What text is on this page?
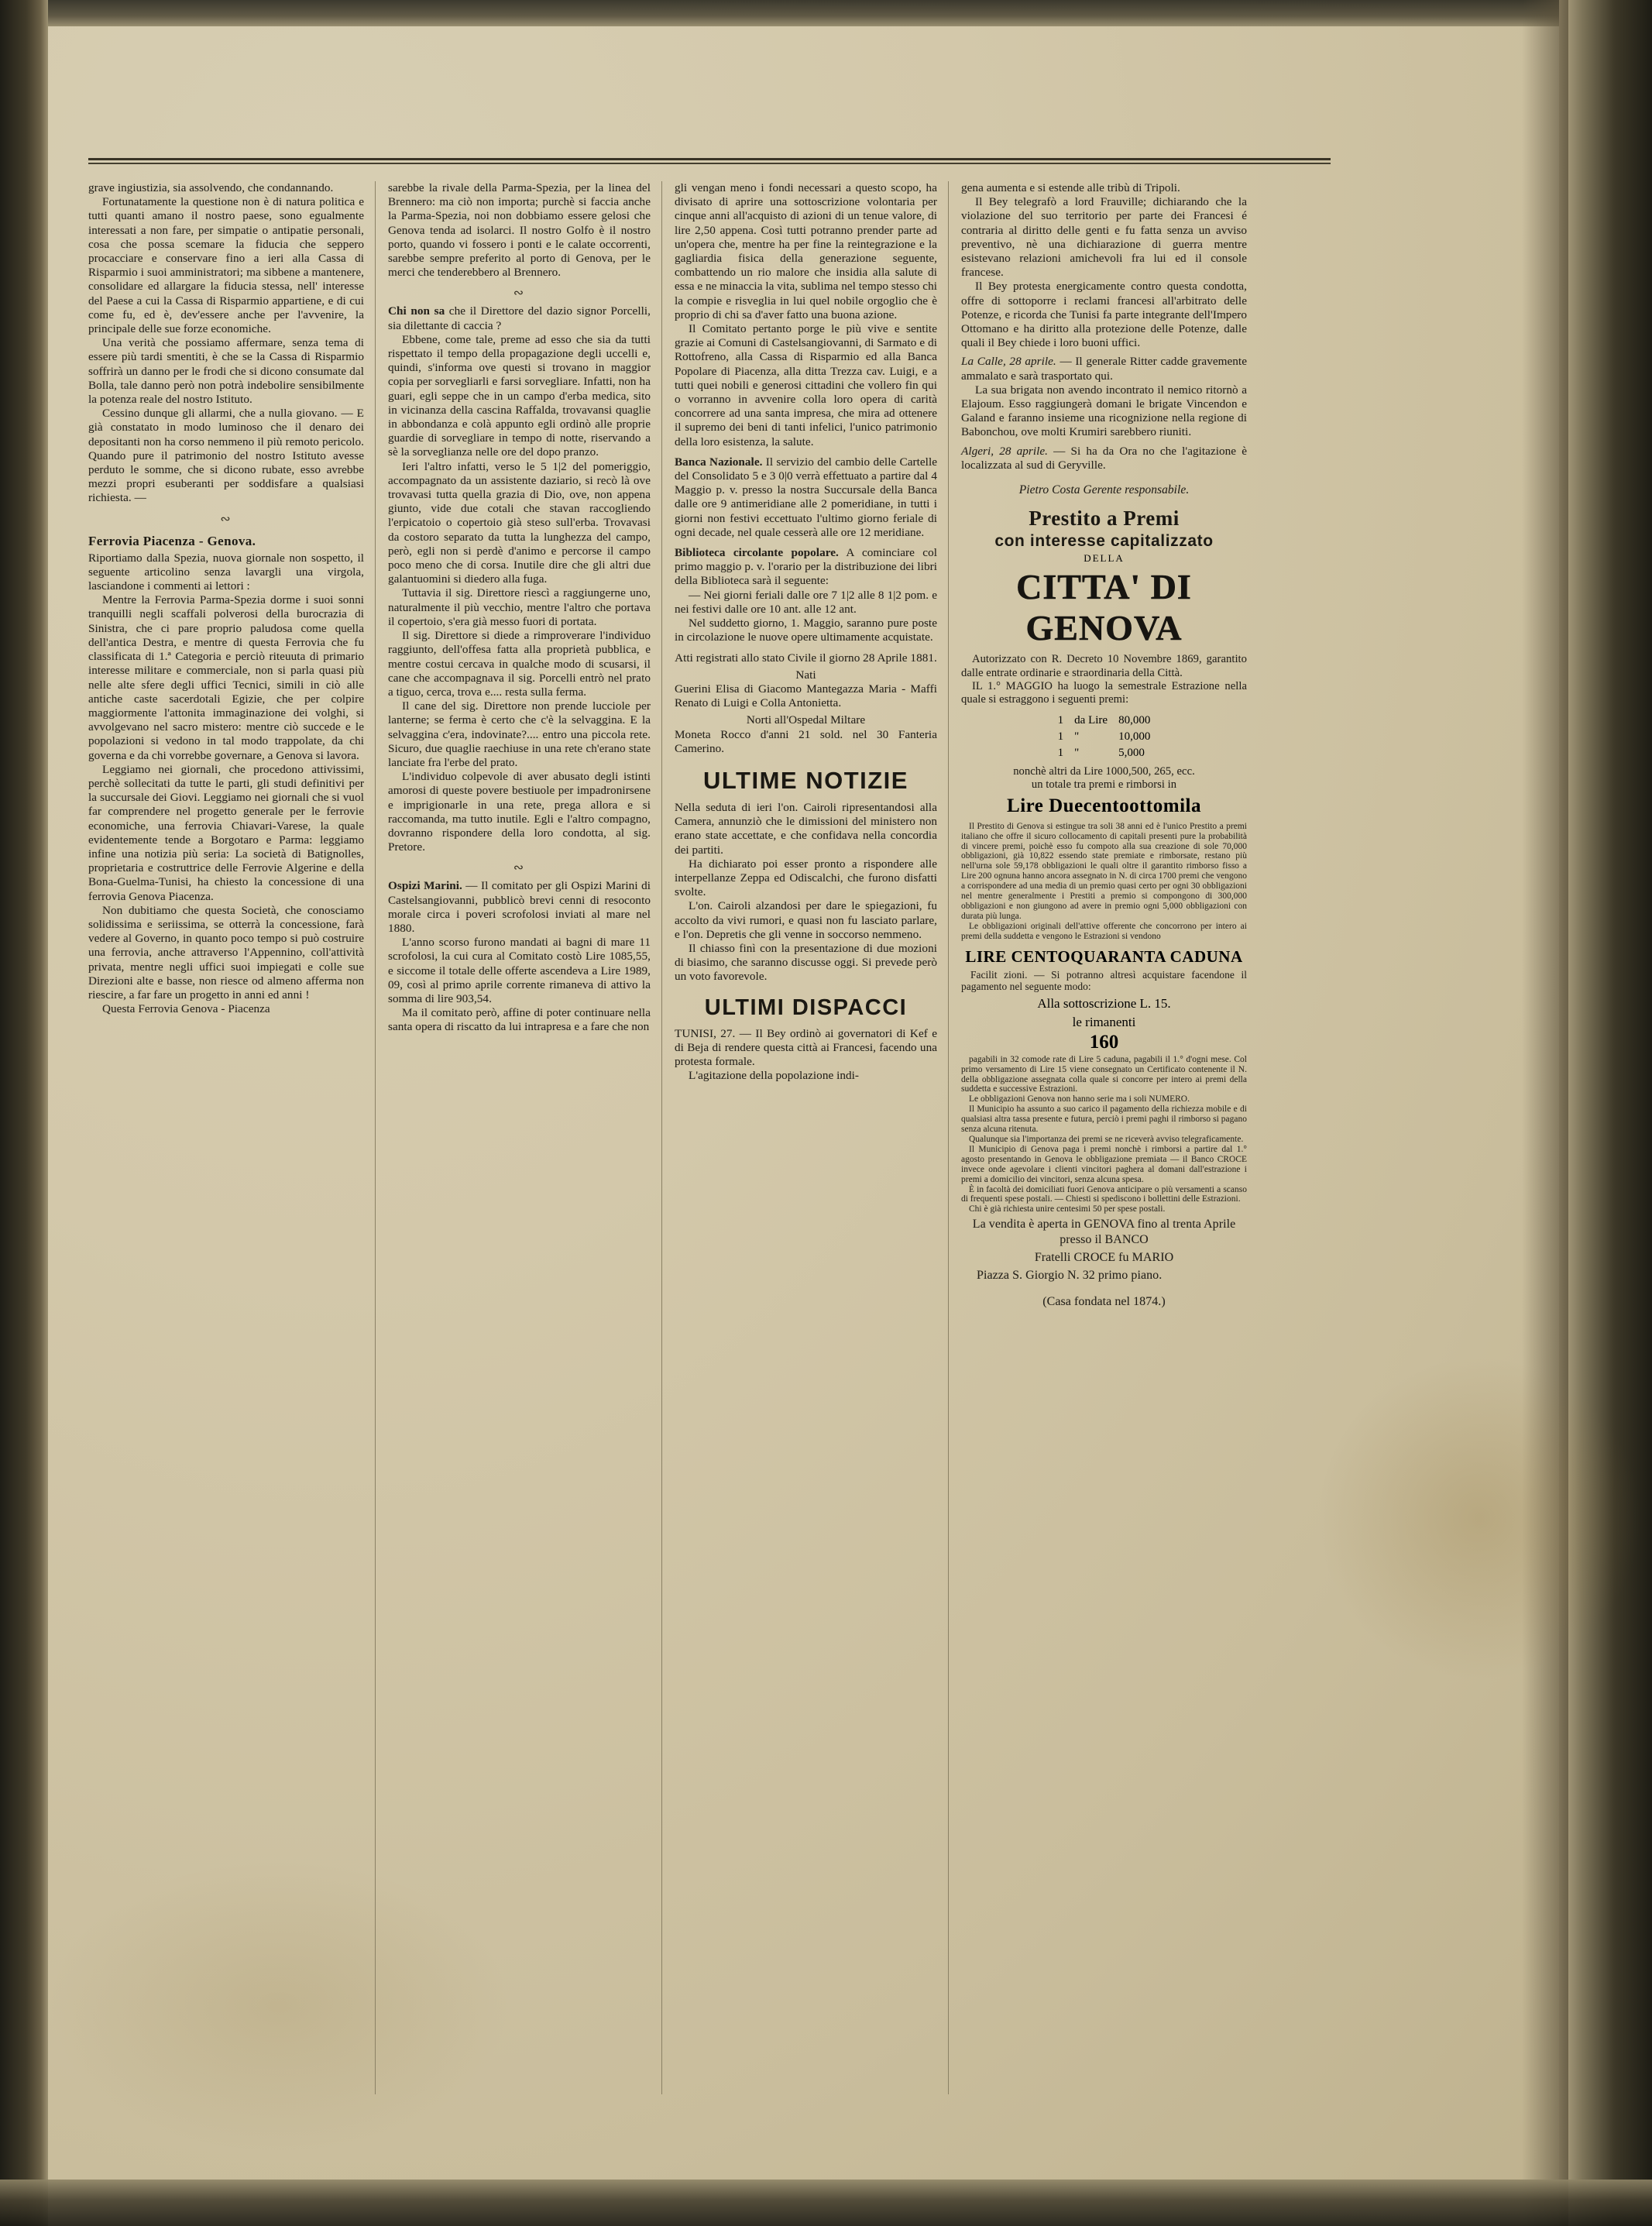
grave ingiustizia, sia assolvendo, che condannando.

Fortunatamente la questione non è di natura politica e tutti quanti amano il nostro paese, sono egualmente interessati a non fare, per simpatie o antipatie personali, cosa che possa scemare la fiducia che seppero procacciare e conservare fino a ieri alla Cassa di Risparmio i suoi amministratori; ma sibbene a mantenere, consolidare ed allargare la fiducia stessa, nell' interesse del Paese a cui la Cassa di Risparmio appartiene, e di cui come fu, ed è, dev'essere anche per l'avvenire, la principale delle sue forze economiche.

Una verità che possiamo affermare, senza tema di essere più tardi smentiti, è che se la Cassa di Risparmio soffrirà un danno per le frodi che si dicono consumate dal Bolla, tale danno però non potrà indebolire sensibilmente la potenza reale del nostro Istituto.

Cessino dunque gli allarmi, che a nulla giovano. — E già constatato in modo luminoso che il denaro dei depositanti non ha corso nemmeno il più remoto pericolo. Quando pure il patrimonio del nostro Istituto avesse perduto le somme, che si dicono rubate, esso avrebbe mezzi propri esuberanti per soddisfare a qualsiasi richiesta. —

∾
Ferrovia Piacenza - Genova.

Riportiamo dalla Spezia, nuova giornale non sospetto, il seguente articolino senza lavargli una virgola, lasciandone i commenti ai lettori :

Mentre la Ferrovia Parma-Spezia dorme i suoi sonni tranquilli negli scaffali polverosi della burocrazia di Sinistra, che ci pare proprio paludosa come quella dell'antica Destra, e mentre di questa Ferrovia che fu classificata di 1.ª Categoria e perciò riteuuta di primario interesse militare e commerciale, non si parla quasi più nelle alte sfere degli uffici Tecnici, simili in ciò alle antiche caste sacerdotali Egizie, che per colpire maggiormente l'attonita immaginazione dei volghi, si avvolgevano nel sacro mistero: mentre ciò succede e le popolazioni si vedono in tal modo trappolate, da chi governa e da chi vorrebbe governare, a Genova si lavora.

Leggiamo nei giornali, che procedono attivissimi, perchè sollecitati da tutte le parti, gli studi definitivi per la succursale dei Giovi. Leggiamo nei giornali che si vuol far comprendere nel progetto generale per le ferrovie economiche, una ferrovia Chiavari-Varese, la quale evidentemente tende a Borgotaro e Parma: leggiamo infine una notizia più seria: La società di Batignolles, proprietaria e costruttrice delle Ferrovie Algerine e della Bona-Guelma-Tunisi, ha chiesto la concessione di una ferrovia Genova Piacenza.

Non dubitiamo che questa Società, che conosciamo solidissima e seriissima, se otterrà la concessione, farà vedere al Governo, in quanto poco tempo si può costruire una ferrovia, anche attraverso l'Appennino, coll'attività privata, mentre negli uffici suoi impiegati e colle sue Direzioni alte e basse, non riesce od almeno afferma non riescire, a far fare un progetto in anni ed anni !

Questa Ferrovia Genova - Piacenza

sarebbe la rivale della Parma-Spezia, per la linea del Brennero: ma ciò non importa; purchè si faccia anche la Parma-Spezia, noi non dobbiamo essere gelosi che Genova tenda ad isolarci. Il nostro Golfo è il nostro porto, quando vi fossero i ponti e le calate occorrenti, sarebbe sempre preferito al porto di Genova, per le merci che tenderebbero al Brennero.

∾

Chi non sa che il Direttore del dazio signor Porcelli, sia dilettante di caccia ?

Ebbene, come tale, preme ad esso che sia da tutti rispettato il tempo della propagazione degli uccelli e, quindi, s'informa ove questi si trovano in maggior copia per sorvegliarli e farsi sorvegliare. Infatti, non ha guari, egli seppe che in un campo d'erba medica, sito in vicinanza della cascina Raffalda, trovavansi quaglie in abbondanza e colà appunto egli ordinò alle proprie guardie di sorvegliare in tempo di notte, riservando a sè la sorveglianza nelle ore del dopo pranzo.

Ieri l'altro infatti, verso le 5 1|2 del pomeriggio, accompagnato da un assistente daziario, si recò là ove trovavasi tutta quella grazia di Dio, ove, non appena giunto, vide due cotali che stavan raccogliendo l'erpicatoio o copertoio già steso sull'erba. Trovavasi da costoro separato da tutta la lunghezza del campo, però, egli non si perdè d'animo e percorse il campo poco meno che di corsa. Inutile dire che gli altri due galantuomini si diedero alla fuga.

Tuttavia il sig. Direttore riescì a raggiungerne uno, naturalmente il più vecchio, mentre l'altro che portava il copertoio, s'era già messo fuori di portata.

Il sig. Direttore si diede a rimproverare l'individuo raggiunto, dell'offesa fatta alla proprietà pubblica, e mentre costui cercava in qualche modo di scusarsi, il cane che accompagnava il sig. Porcelli entrò nel prato a tiguo, cerca, trova e.... resta sulla ferma.

Il cane del sig. Direttore non prende lucciole per lanterne; se ferma è certo che c'è la selvaggina. E la selvaggina c'era, indovinate?.... entro una piccola rete. Sicuro, due quaglie raechiuse in una rete ch'erano state lanciate fra l'erbe del prato.

L'individuo colpevole di aver abusato degli istinti amorosi di queste povere bestiuole per impadronirsene e imprigionarle in una rete, prega allora e si raccomanda, ma tutto inutile. Egli e l'altro compagno, dovranno rispondere della loro condotta, al sig. Pretore.

∾

Ospizi Marini. — Il comitato per gli Ospizi Marini di Castelsangiovanni, pubblicò brevi cenni di resoconto morale circa i poveri scrofolosi inviati al mare nel 1880.

L'anno scorso furono mandati ai bagni di mare 11 scrofolosi, la cui cura al Comitato costò Lire 1085,55, e siccome il totale delle offerte ascendeva a Lire 1989, 09, così al primo aprile corrente rimaneva di attivo la somma di lire 903,54.

Ma il comitato però, affine di poter continuare nella santa opera di riscatto da lui intrapresa e a fare che non

gli vengan meno i fondi necessari a questo scopo, ha divisato di aprire una sottoscrizione volontaria per cinque anni all'acquisto di azioni di un tenue valore, di lire 2,50 appena. Così tutti potranno prender parte ad un'opera che, mentre ha per fine la reintegrazione e la gagliardia fisica della generazione seguente, combattendo un rio malore che insidia alla salute di essa e ne minaccia la vita, sublima nel tempo stesso chi la compie e risveglia in lui quel nobile orgoglio che è proprio di chi sa d'aver fatto una buona azione.

Il Comitato pertanto porge le più vive e sentite grazie ai Comuni di Castelsangiovanni, di Sarmato e di Rottofreno, alla Cassa di Risparmio ed alla Banca Popolare di Piacenza, alla ditta Trezza cav. Luigi, e a tutti quei nobili e generosi cittadini che vollero fin qui o vorranno in avvenire colla loro opera di carità concorrere ad una santa impresa, che mira ad ottenere il supremo dei beni di tanti infelici, l'unico patrimonio della loro esistenza, la salute.

Banca Nazionale. Il servizio del cambio delle Cartelle del Consolidato 5 e 3 0|0 verrà effettuato a partire dal 4 Maggio p. v. presso la nostra Succursale della Banca dalle ore 9 antimeridiane alle 2 pomeridiane, in tutti i giorni non festivi eccettuato l'ultimo giorno feriale di ogni decade, nel quale cesserà alle ore 12 meridiane.

Biblioteca circolante popolare. A cominciare col primo maggio p. v. l'orario per la distribuzione dei libri della Biblioteca sarà il seguente:

— Nei giorni feriali dalle ore 7 1|2 alle 8 1|2 pom. e nei festivi dalle ore 10 ant. alle 12 ant.

Nel suddetto giorno, 1. Maggio, saranno pure poste in circolazione le nuove opere ultimamente acquistate.

Atti registrati allo stato Civile il giorno 28 Aprile 1881.

Nati

Guerini Elisa di Giacomo Mantegazza Maria - Maffi Renato di Luigi e Colla Antonietta.

Norti all'Ospedal Miltare

Moneta Rocco d'anni 21 sold. nel 30 Fanteria Camerino.

ULTIME NOTIZIE

Nella seduta di ieri l'on. Cairoli ripresentandosi alla Camera, annunziò che le dimissioni del ministero non erano state accettate, e che confidava nella concordia dei partiti.

Ha dichiarato poi esser pronto a rispondere alle interpellanze Zeppa ed Odiscalchi, che furono disfatti svolte.

L'on. Cairoli alzandosi per dare le spiegazioni, fu accolto da vivi rumori, e quasi non fu lasciato parlare, e l'on. Depretis che gli venne in soccorso nemmeno.

Il chiasso finì con la presentazione di due mozioni di biasimo, che saranno discusse oggi. Si prevede però un voto favorevole.

ULTIMI DISPACCI

TUNISI, 27. — Il Bey ordinò ai governatori di Kef e di Beja di rendere questa città ai Francesi, facendo una protesta formale.

L'agitazione della popolazione indi-

gena aumenta e si estende alle tribù di Tripoli.

Il Bey telegrafò a lord Frauville; dichiarando che la violazione del suo territorio per parte dei Francesi é contraria al diritto delle genti e fu fatta senza un avviso preventivo, nè una dichiarazione di guerra mentre esistevano relazioni amichevoli fra lui ed il console francese.

Il Bey protesta energicamente contro questa condotta, offre di sottoporre i reclami francesi all'arbitrato delle Potenze, e ricorda che Tunisi fa parte integrante dell'Impero Ottomano e ha diritto alla protezione delle Potenze, dalle quali il Bey chiede i loro buoni uffici.

La Calle, 28 aprile. — Il generale Ritter cadde gravemente ammalato e sarà trasportato qui.

La sua brigata non avendo incontrato il nemico ritornò a Elajoum. Esso raggiungerà domani le brigate Vincendon e Galand e faranno insieme una ricognizione nella regione di Babonchou, ove molti Krumiri sarebbero riuniti.

Algeri, 28 aprile. — Si ha da Ora no che l'agitazione è localizzata al sud di Geryville.

Pietro Costa Gerente responsabile.

Prestito a Premi
con interesse capitalizzato
DELLA
CITTA' DI GENOVA

Autorizzato con R. Decreto 10 Novembre 1869, garantito dalle entrate ordinarie e straordinaria della Città.

IL 1.° MAGGIO ha luogo la semestrale Estrazione nella quale si estraggono i seguenti premi:

1	da Lire	80,000
1	"	10,000
1	"	5,000

nonchè altri da Lire 1000,500, 265, ecc.

un totale tra premi e rimborsi in

Lire Duecentoottomila

Il Prestito di Genova si estingue tra soli 38 anni ed è l'unico Prestito a premi italiano che offre il sicuro collocamento di capitali presenti pure la probabilità di vincere premi, poichè esso fu compoto alla sua creazione di sole 70,000 obbligazioni, già 10,822 essendo state premiate e rimborsate, restano più nell'urna sole 59,178 obbligazioni le quali oltre il garantito rimborso fisso a Lire 200 ognuna hanno ancora assegnato in N. di circa 1700 premi che vengono a corrispondere ad una media di un premio quasi certo per ogni 30 obbligazioni nel mentre generalmente i Prestiti a premio si compongono di 300,000 obbligazioni e non giungono ad avere in premio ogni 5,000 obbligazioni con durata più lunga.

Le obbligazioni originali dell'attive offerente che concorrono per intero ai premi della suddetta e vengono le Estrazioni si vendono

LIRE CENTOQUARANTA CADUNA

Facilit zioni. — Si potranno altresì acquistare facendone il pagamento nel seguente modo:

Alla sottoscrizione L. 15.
le rimanenti
160

pagabili in 32 comode rate di Lire 5 caduna, pagabili il 1.° d'ogni mese. Col primo versamento di Lire 15 viene consegnato un Certificato contenente il N. della obbligazione assegnata colla quale si concorre per intero ai premi della suddetta e successive Estrazioni.

Le obbligazioni Genova non hanno serie ma i soli NUMERO.

Il Municipio ha assunto a suo carico il pagamento della richiezza mobile e di qualsiasi altra tassa presente e futura, perciò i premi paghi il rimborso si pagano senza alcuna ritenuta.

Qualunque sia l'importanza dei premi se ne riceverà avviso telegraficamente.

Il Municipio di Genova paga i premi nonchè i rimborsi a partire dal 1.° agosto presentando in Genova le obbligazione premiata — il Banco CROCE invece onde agevolare i clienti vincitori paghera al domani dall'estrazione i premi a domicilio dei vincitori, senza alcuna spesa.

È in facoltà dei domiciliati fuori Genova anticipare o più versamenti a scanso di frequenti spese postali. — Chiesti si spediscono i bollettini delle Estrazioni.

Chi è già richiesta unire centesimi 50 per spese postali.

La vendita è aperta in GENOVA fino al trenta Aprile presso il BANCO

Fratelli CROCE fu MARIO

Piazza S. Giorgio N. 32 primo piano.

(Casa fondata nel 1874.)
